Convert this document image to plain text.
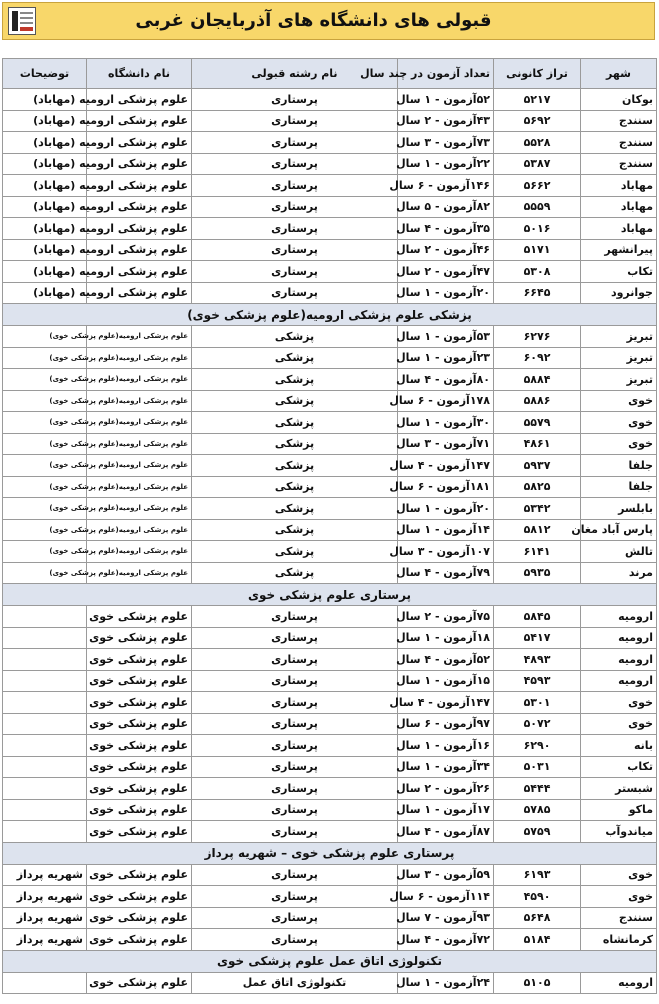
قبولی های دانشگاه های آذربایجان غربی
شهر	تراز کانونی	تعداد آزمون در چند سال	نام رشته قبولی	نام دانشگاه	توضیحات
بوکان	۵۲۱۷	۵۲آزمون - ۱ سال	پرستاری	علوم پزشکی ارومیه (مهاباد)	
سنندج	۵۶۹۲	۴۳آزمون - ۲ سال	پرستاری	علوم پزشکی ارومیه (مهاباد)	
سنندج	۵۵۲۸	۷۳آزمون - ۳ سال	پرستاری	علوم پزشکی ارومیه (مهاباد)	
سنندج	۵۳۸۷	۲۲آزمون - ۱ سال	پرستاری	علوم پزشکی ارومیه (مهاباد)	
مهاباد	۵۶۶۲	۱۴۶آزمون - ۶ سال	پرستاری	علوم پزشکی ارومیه (مهاباد)	
مهاباد	۵۵۵۹	۸۲آزمون - ۵ سال	پرستاری	علوم پزشکی ارومیه (مهاباد)	
مهاباد	۵۰۱۶	۳۵آزمون - ۴ سال	پرستاری	علوم پزشکی ارومیه (مهاباد)	
پیرانشهر	۵۱۷۱	۴۶آزمون - ۲ سال	پرستاری	علوم پزشکی ارومیه (مهاباد)	
تکاب	۵۳۰۸	۴۷آزمون - ۲ سال	پرستاری	علوم پزشکی ارومیه (مهاباد)	
جوانرود	۶۶۴۵	۲۰آزمون - ۱ سال	پرستاری	علوم پزشکی ارومیه (مهاباد)	
پزشکی علوم پزشکی ارومیه(علوم پزشکی خوی)					
تبریز	۶۲۷۶	۵۳آزمون - ۱ سال	پزشکی	علوم پزشکی ارومیه(علوم پزشکی خوی)	
تبریز	۶۰۹۲	۲۳آزمون - ۱ سال	پزشکی	علوم پزشکی ارومیه(علوم پزشکی خوی)	
تبریز	۵۸۸۴	۸۰آزمون - ۴ سال	پزشکی	علوم پزشکی ارومیه(علوم پزشکی خوی)	
خوی	۵۸۸۶	۱۷۸آزمون - ۶ سال	پزشکی	علوم پزشکی ارومیه(علوم پزشکی خوی)	
خوی	۵۵۷۹	۳۰آزمون - ۱ سال	پزشکی	علوم پزشکی ارومیه(علوم پزشکی خوی)	
خوی	۴۸۶۱	۷۱آزمون - ۳ سال	پزشکی	علوم پزشکی ارومیه(علوم پزشکی خوی)	
جلفا	۵۹۳۷	۱۴۷آزمون - ۴ سال	پزشکی	علوم پزشکی ارومیه(علوم پزشکی خوی)	
جلفا	۵۸۲۵	۱۸۱آزمون - ۶ سال	پزشکی	علوم پزشکی ارومیه(علوم پزشکی خوی)	
بابلسر	۵۳۴۲	۲۰آزمون - ۱ سال	پزشکی	علوم پزشکی ارومیه(علوم پزشکی خوی)	
پارس آباد مغان	۵۸۱۲	۱۴آزمون - ۱ سال	پزشکی	علوم پزشکی ارومیه(علوم پزشکی خوی)	
تالش	۶۱۴۱	۱۰۷آزمون - ۳ سال	پزشکی	علوم پزشکی ارومیه(علوم پزشکی خوی)	
مرند	۵۹۳۵	۷۹آزمون - ۴ سال	پزشکی	علوم پزشکی ارومیه(علوم پزشکی خوی)	
پرستاری علوم پزشکی خوی					
ارومیه	۵۸۴۵	۷۵آزمون - ۲ سال	پرستاری	علوم پزشکی خوی	
ارومیه	۵۴۱۷	۱۸آزمون - ۱ سال	پرستاری	علوم پزشکی خوی	
ارومیه	۴۸۹۳	۵۲آزمون - ۴ سال	پرستاری	علوم پزشکی خوی	
ارومیه	۴۵۹۳	۱۵آزمون - ۱ سال	پرستاری	علوم پزشکی خوی	
خوی	۵۳۰۱	۱۴۷آزمون - ۴ سال	پرستاری	علوم پزشکی خوی	
خوی	۵۰۷۲	۹۷آزمون - ۶ سال	پرستاری	علوم پزشکی خوی	
بانه	۶۲۹۰	۱۶آزمون - ۱ سال	پرستاری	علوم پزشکی خوی	
تکاب	۵۰۳۱	۳۴آزمون - ۱ سال	پرستاری	علوم پزشکی خوی	
شبستر	۵۴۴۴	۲۶آزمون - ۲ سال	پرستاری	علوم پزشکی خوی	
ماکو	۵۷۸۵	۱۷آزمون - ۱ سال	پرستاری	علوم پزشکی خوی	
میاندوآب	۵۷۵۹	۸۷آزمون - ۴ سال	پرستاری	علوم پزشکی خوی	
پرستاری علوم پزشکی خوی – شهریه پرداز					
خوی	۶۱۹۳	۵۹آزمون - ۳ سال	پرستاری	علوم پزشکی خوی	شهریه پرداز
خوی	۴۵۹۰	۱۱۴آزمون - ۶ سال	پرستاری	علوم پزشکی خوی	شهریه پرداز
سنندج	۵۶۴۸	۹۳آزمون - ۷ سال	پرستاری	علوم پزشکی خوی	شهریه پرداز
کرمانشاه	۵۱۸۴	۷۲آزمون - ۴ سال	پرستاری	علوم پزشکی خوی	شهریه پرداز
تکنولوژی اتاق عمل علوم پزشکی خوی					
ارومیه	۵۱۰۵	۲۴آزمون - ۱ سال	تکنولوژی اتاق عمل	علوم پزشکی خوی	
